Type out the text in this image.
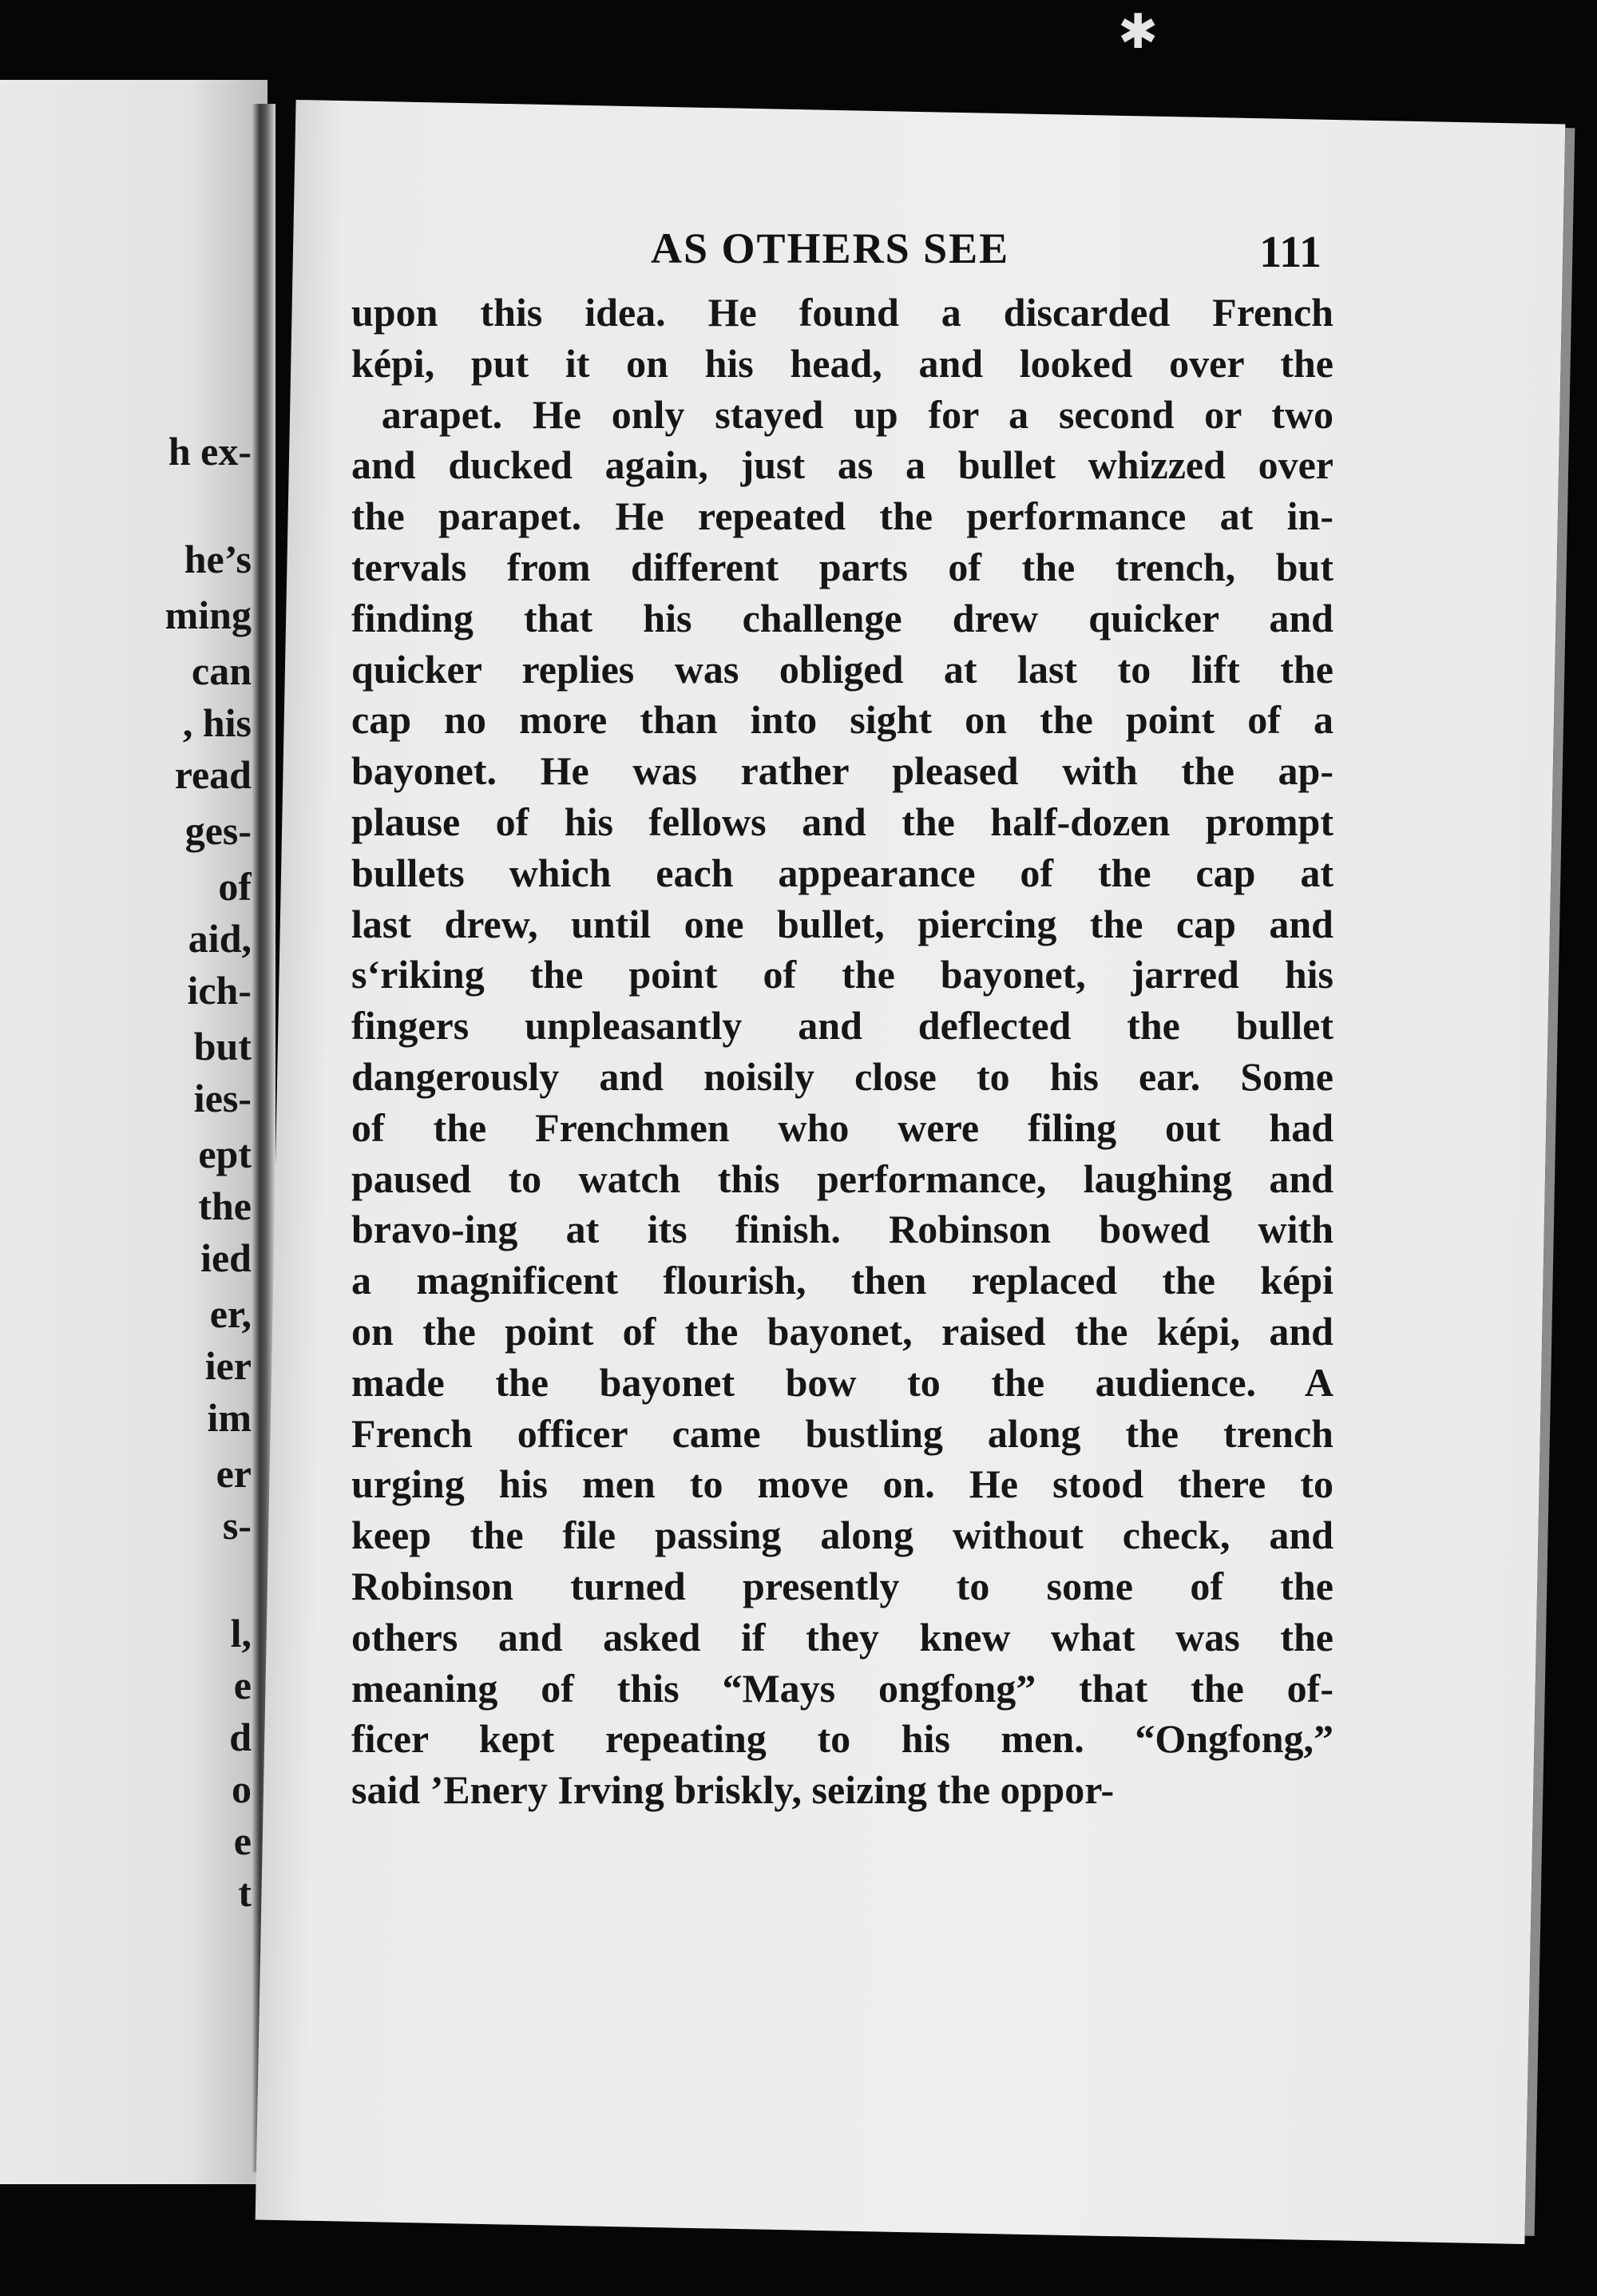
✱
h ex-
he’s
ming
can
, his
read
ges-
of
aid,
ich-
but
ies-
ept
the
ied
er,
ier
im
er
s-
l,
e
d
o
e
t
AS OTHERS SEE	111
upon this idea. He found a discarded French
képi, put it on his head, and looked over the
arapet. He only stayed up for a second or two
and ducked again, just as a bullet whizzed over
the parapet. He repeated the performance at in-
tervals from different parts of the trench, but
finding that his challenge drew quicker and
quicker replies was obliged at last to lift the
cap no more than into sight on the point of a
bayonet. He was rather pleased with the ap-
plause of his fellows and the half-dozen prompt
bullets which each appearance of the cap at
last drew, until one bullet, piercing the cap and
s‘riking the point of the bayonet, jarred his
fingers unpleasantly and deflected the bullet
dangerously and noisily close to his ear. Some
of the Frenchmen who were filing out had
paused to watch this performance, laughing and
bravo-ing at its finish. Robinson bowed with
a magnificent flourish, then replaced the képi
on the point of the bayonet, raised the képi, and
made the bayonet bow to the audience. A
French officer came bustling along the trench
urging his men to move on. He stood there to
keep the file passing along without check, and
Robinson turned presently to some of the
others and asked if they knew what was the
meaning of this “Mays ongfong” that the of-
ficer kept repeating to his men. “Ongfong,”
said ’Enery Irving briskly, seizing the oppor-
